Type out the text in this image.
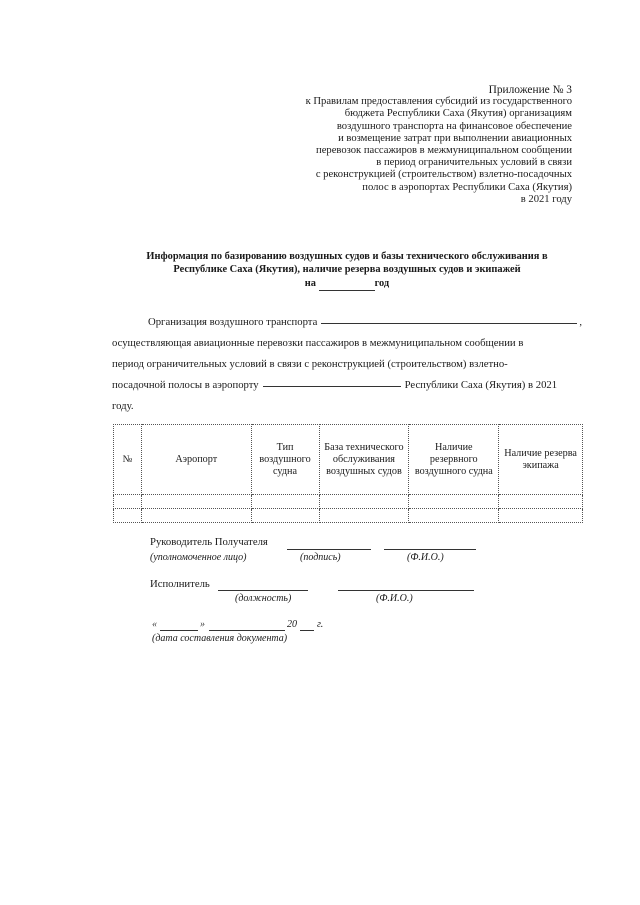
Приложение № 3
к Правилам предоставления субсидий из государственного
бюджета Республики Саха (Якутия) организациям
воздушного транспорта на финансовое обеспечение
и возмещение затрат при выполнении авиационных
перевозок пассажиров в межмуниципальном сообщении
в период ограничительных условий в связи
с реконструкцией (строительством) взлетно-посадочных
полос в аэропортах Республики Саха (Якутия)
в 2021 году
Информация по базированию воздушных судов и базы технического обслуживания в
Республике Саха (Якутия), наличие резерва воздушных судов и экипажей
на	год
Организация воздушного транспорта	,
осуществляющая авиационные перевозки пассажиров в межмуниципальном сообщении в
период ограничительных условий в связи с реконструкцией (строительством) взлетно-
посадочной полосы в аэропорту	Республики Саха (Якутия) в 2021
году.
№	Аэропорт	Тип воздушного судна	База технического обслуживания воздушных судов	Наличие резервного воздушного судна	Наличие резерва экипажа

Руководитель Получателя
(уполномоченное лицо)	(подпись)	(Ф.И.О.)
Исполнитель
(должность)	(Ф.И.О.)
«	»	20 г.
(дата составления документа)
